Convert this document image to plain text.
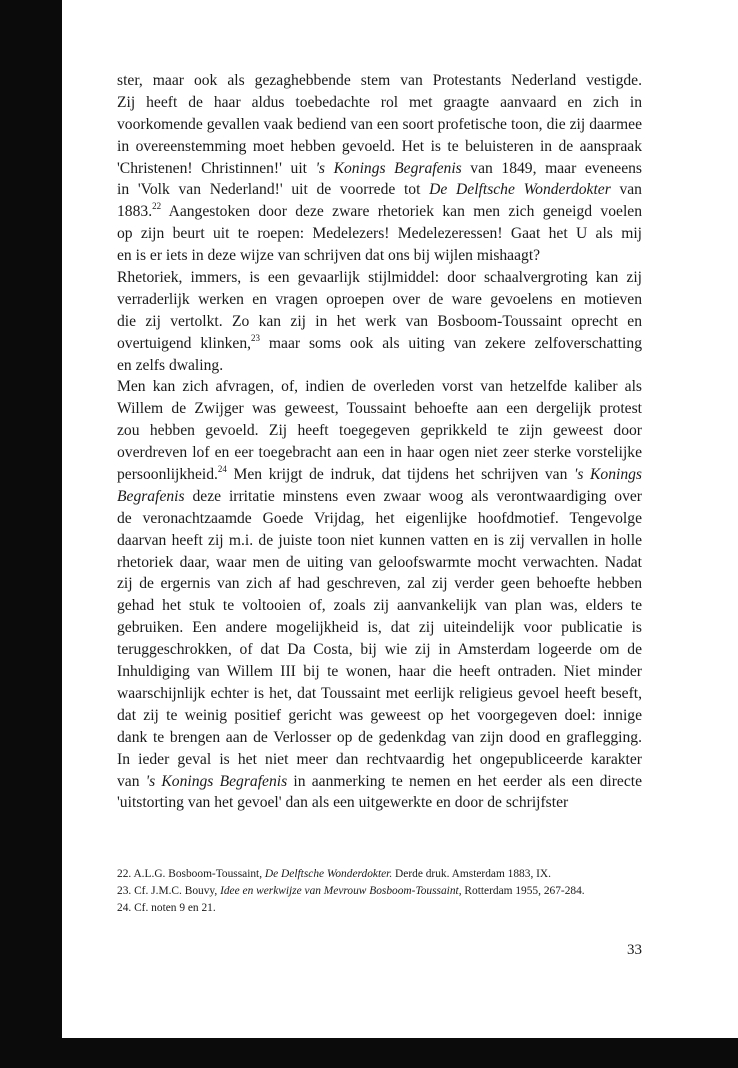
ster, maar ook als gezaghebbende stem van Protestants Nederland vestigde.
Zij heeft de haar aldus toebedachte rol met graagte aanvaard en zich in
voorkomende gevallen vaak bediend van een soort profetische toon, die zij daarmee
in overeenstemming moet hebben gevoeld. Het is te beluisteren in de aanspraak
'Christenen! Christinnen!' uit 's Konings Begrafenis van 1849, maar eveneens
in 'Volk van Nederland!' uit de voorrede tot De Delftsche Wonderdokter van
1883.22 Aangestoken door deze zware rhetoriek kan men zich geneigd voelen
op zijn beurt uit te roepen: Medelezers! Medelezeressen! Gaat het U als mij
en is er iets in deze wijze van schrijven dat ons bij wijlen mishaagt?
Rhetoriek, immers, is een gevaarlijk stijlmiddel: door schaalvergroting kan zij
verraderlijk werken en vragen oproepen over de ware gevoelens en motieven
die zij vertolkt. Zo kan zij in het werk van Bosboom-Toussaint oprecht en
overtuigend klinken,$^{23}$ maar soms ook als uiting van zekere zelfoverschatting
en zelfs dwaling.
Men kan zich afvragen, of, indien de overleden vorst van hetzelfde kaliber als
Willem de Zwijger was geweest, Toussaint behoefte aan een dergelijk protest
zou hebben gevoeld. Zij heeft toegegeven geprikkeld te zijn geweest door
overdreven lof en eer toegebracht aan een in haar ogen niet zeer sterke vorstelijke
persoonlijkheid.$^{24}$ Men krijgt de indruk, dat tijdens het schrijven van 's Konings
Begrafenis deze irritatie minstens even zwaar woog als verontwaardiging over
de veronachtzaamde Goede Vrijdag, het eigenlijke hoofdmotief. Tengevolge
daarvan heeft zij m.i. de juiste toon niet kunnen vatten en is zij vervallen in holle
rhetoriek daar, waar men de uiting van geloofswarmte mocht verwachten. Nadat
zij de ergernis van zich af had geschreven, zal zij verder geen behoefte hebben
gehad het stuk te voltooien of, zoals zij aanvankelijk van plan was, elders te
gebruiken. Een andere mogelijkheid is, dat zij uiteindelijk voor publicatie is
teruggeschrokken, of dat Da Costa, bij wie zij in Amsterdam logeerde om de
Inhuldiging van Willem III bij te wonen, haar die heeft ontraden. Niet minder
waarschijnlijk echter is het, dat Toussaint met eerlijk religieus gevoel heeft beseft,
dat zij te weinig positief gericht was geweest op het voorgegeven doel: innige
dank te brengen aan de Verlosser op de gedenkdag van zijn dood en graflegging.
In ieder geval is het niet meer dan rechtvaardig het ongepubliceerde karakter
van 's Konings Begrafenis in aanmerking te nemen en het eerder als een directe
'uitstorting van het gevoel' dan als een uitgewerkte en door de schrijfster
22. A.L.G. Bosboom-Toussaint, De Delftsche Wonderdokter. Derde druk. Amsterdam 1883, IX.
23. Cf. J.M.C. Bouvy, Idee en werkwijze van Mevrouw Bosboom-Toussaint, Rotterdam 1955, 267-284.
24. Cf. noten 9 en 21.
33
